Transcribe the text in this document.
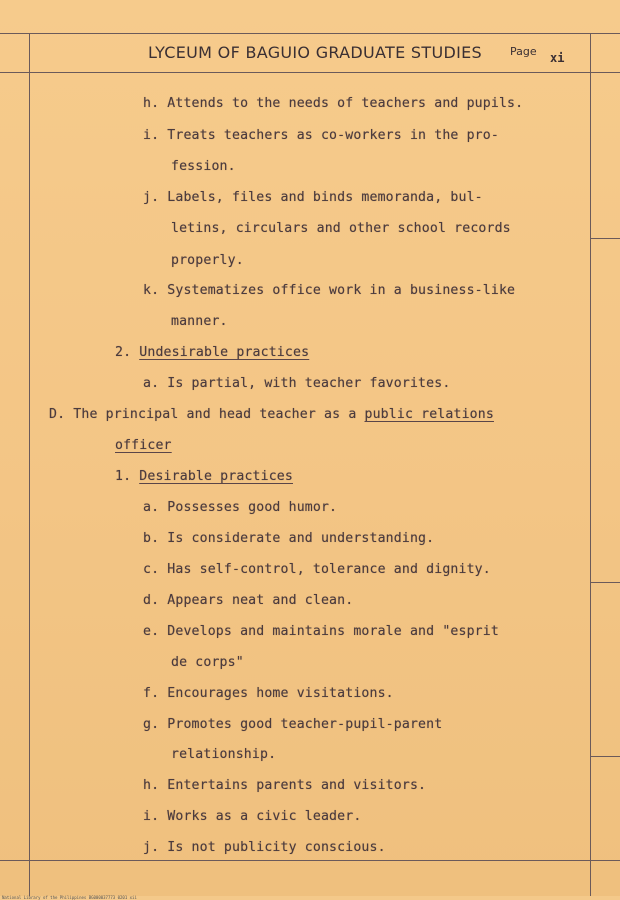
LYCEUM OF BAGUIO GRADUATE STUDIES	Page xi
h. Attends to the needs of teachers and pupils.
i. Treats teachers as co-workers in the pro-
fession.
j. Labels, files and binds memoranda, bul-
letins, circulars and other school records
properly.
k. Systematizes office work in a business-like
manner.
2. Undesirable practices
a. Is partial, with teacher favorites.
D. The principal and head teacher as a public relations
officer
1. Desirable practices
a. Possesses good humor.
b. Is considerate and understanding.
c. Has self-control, tolerance and dignity.
d. Appears neat and clean.
e. Develops and maintains morale and "esprit
de corps"
f. Encourages home visitations.
g. Promotes good teacher-pupil-parent
relationship.
h. Entertains parents and visitors.
i. Works as a civic leader.
j. Is not publicity conscious.
National Library of the Philippines BG000037773 0201 xii
